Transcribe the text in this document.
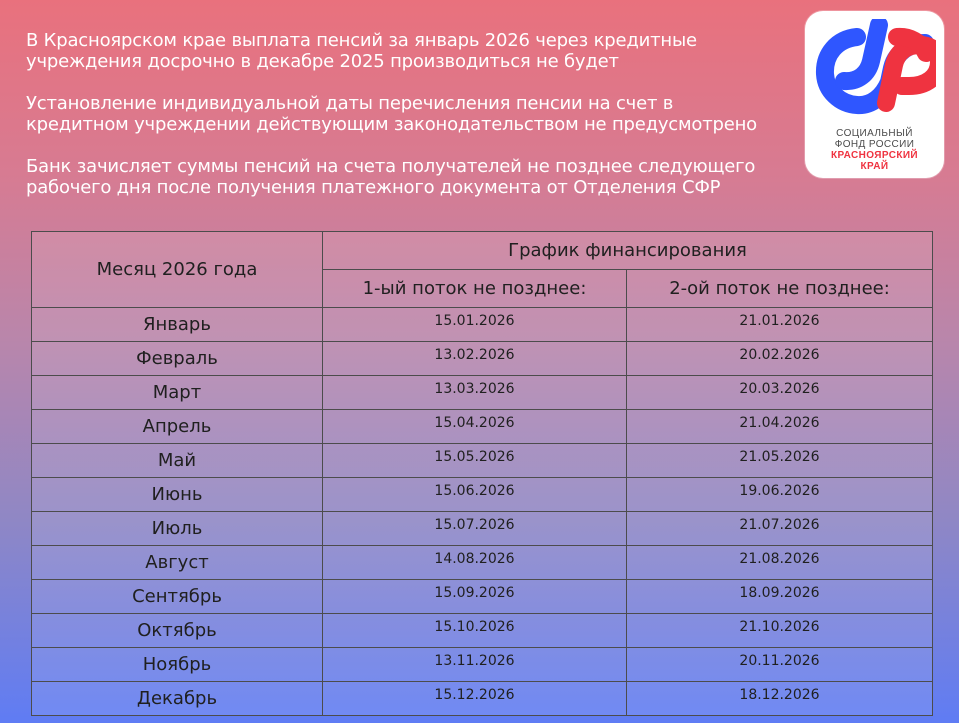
В Красноярском крае выплата пенсий за январь 2026 через кредитные
учреждения досрочно в декабре 2025 производиться не будет

Установление индивидуальной даты перечисления пенсии на счет в
кредитном учреждении действующим законодательством не предусмотрено

Банк зачисляет суммы пенсий на счета получателей не позднее следующего
рабочего дня после получения платежного документа от Отделения СФР

СОЦИАЛЬНЫЙ
ФОНД РОССИИ
КРАСНОЯРСКИЙ
КРАЙ
Месяц 2026 года	График финансирования	
	1-ый поток не позднее:	2-ой поток не позднее:
Январь	15.01.2026	21.01.2026
Февраль	13.02.2026	20.02.2026
Март	13.03.2026	20.03.2026
Апрель	15.04.2026	21.04.2026
Май	15.05.2026	21.05.2026
Июнь	15.06.2026	19.06.2026
Июль	15.07.2026	21.07.2026
Август	14.08.2026	21.08.2026
Сентябрь	15.09.2026	18.09.2026
Октябрь	15.10.2026	21.10.2026
Ноябрь	13.11.2026	20.11.2026
Декабрь	15.12.2026	18.12.2026
